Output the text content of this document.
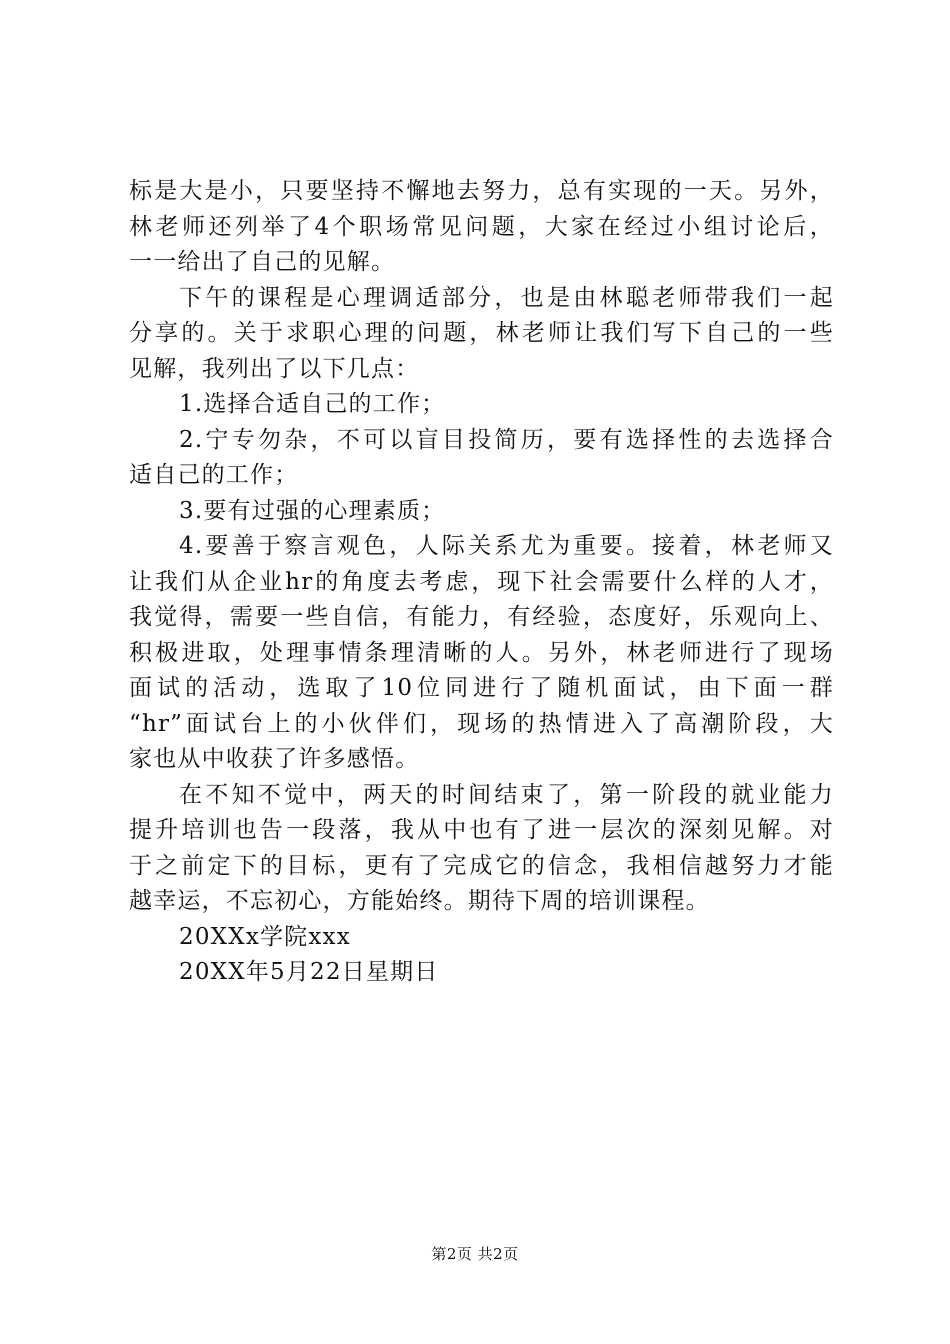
标是大是小，只要坚持不懈地去努力，总有实现的一天。另外，
林老师还列举了4个职场常见问题，大家在经过小组讨论后，
一一给出了自己的见解。
下午的课程是心理调适部分，也是由林聪老师带我们一起
分享的。关于求职心理的问题，林老师让我们写下自己的一些
见解，我列出了以下几点：
1.选择合适自己的工作；
2.宁专勿杂，不可以盲目投简历，要有选择性的去选择合
适自己的工作；
3.要有过强的心理素质；
4.要善于察言观色，人际关系尤为重要。接着，林老师又
让我们从企业hr的角度去考虑，现下社会需要什么样的人才，
我觉得，需要一些自信，有能力，有经验，态度好，乐观向上、
积极进取，处理事情条理清晰的人。另外，林老师进行了现场
面试的活动，选取了10位同进行了随机面试，由下面一群
“hr”面试台上的小伙伴们，现场的热情进入了高潮阶段，大
家也从中收获了许多感悟。
在不知不觉中，两天的时间结束了，第一阶段的就业能力
提升培训也告一段落，我从中也有了进一层次的深刻见解。对
于之前定下的目标，更有了完成它的信念，我相信越努力才能
越幸运，不忘初心，方能始终。期待下周的培训课程。
20XXx学院xxx
20XX年5月22日星期日
第2页 共2页
